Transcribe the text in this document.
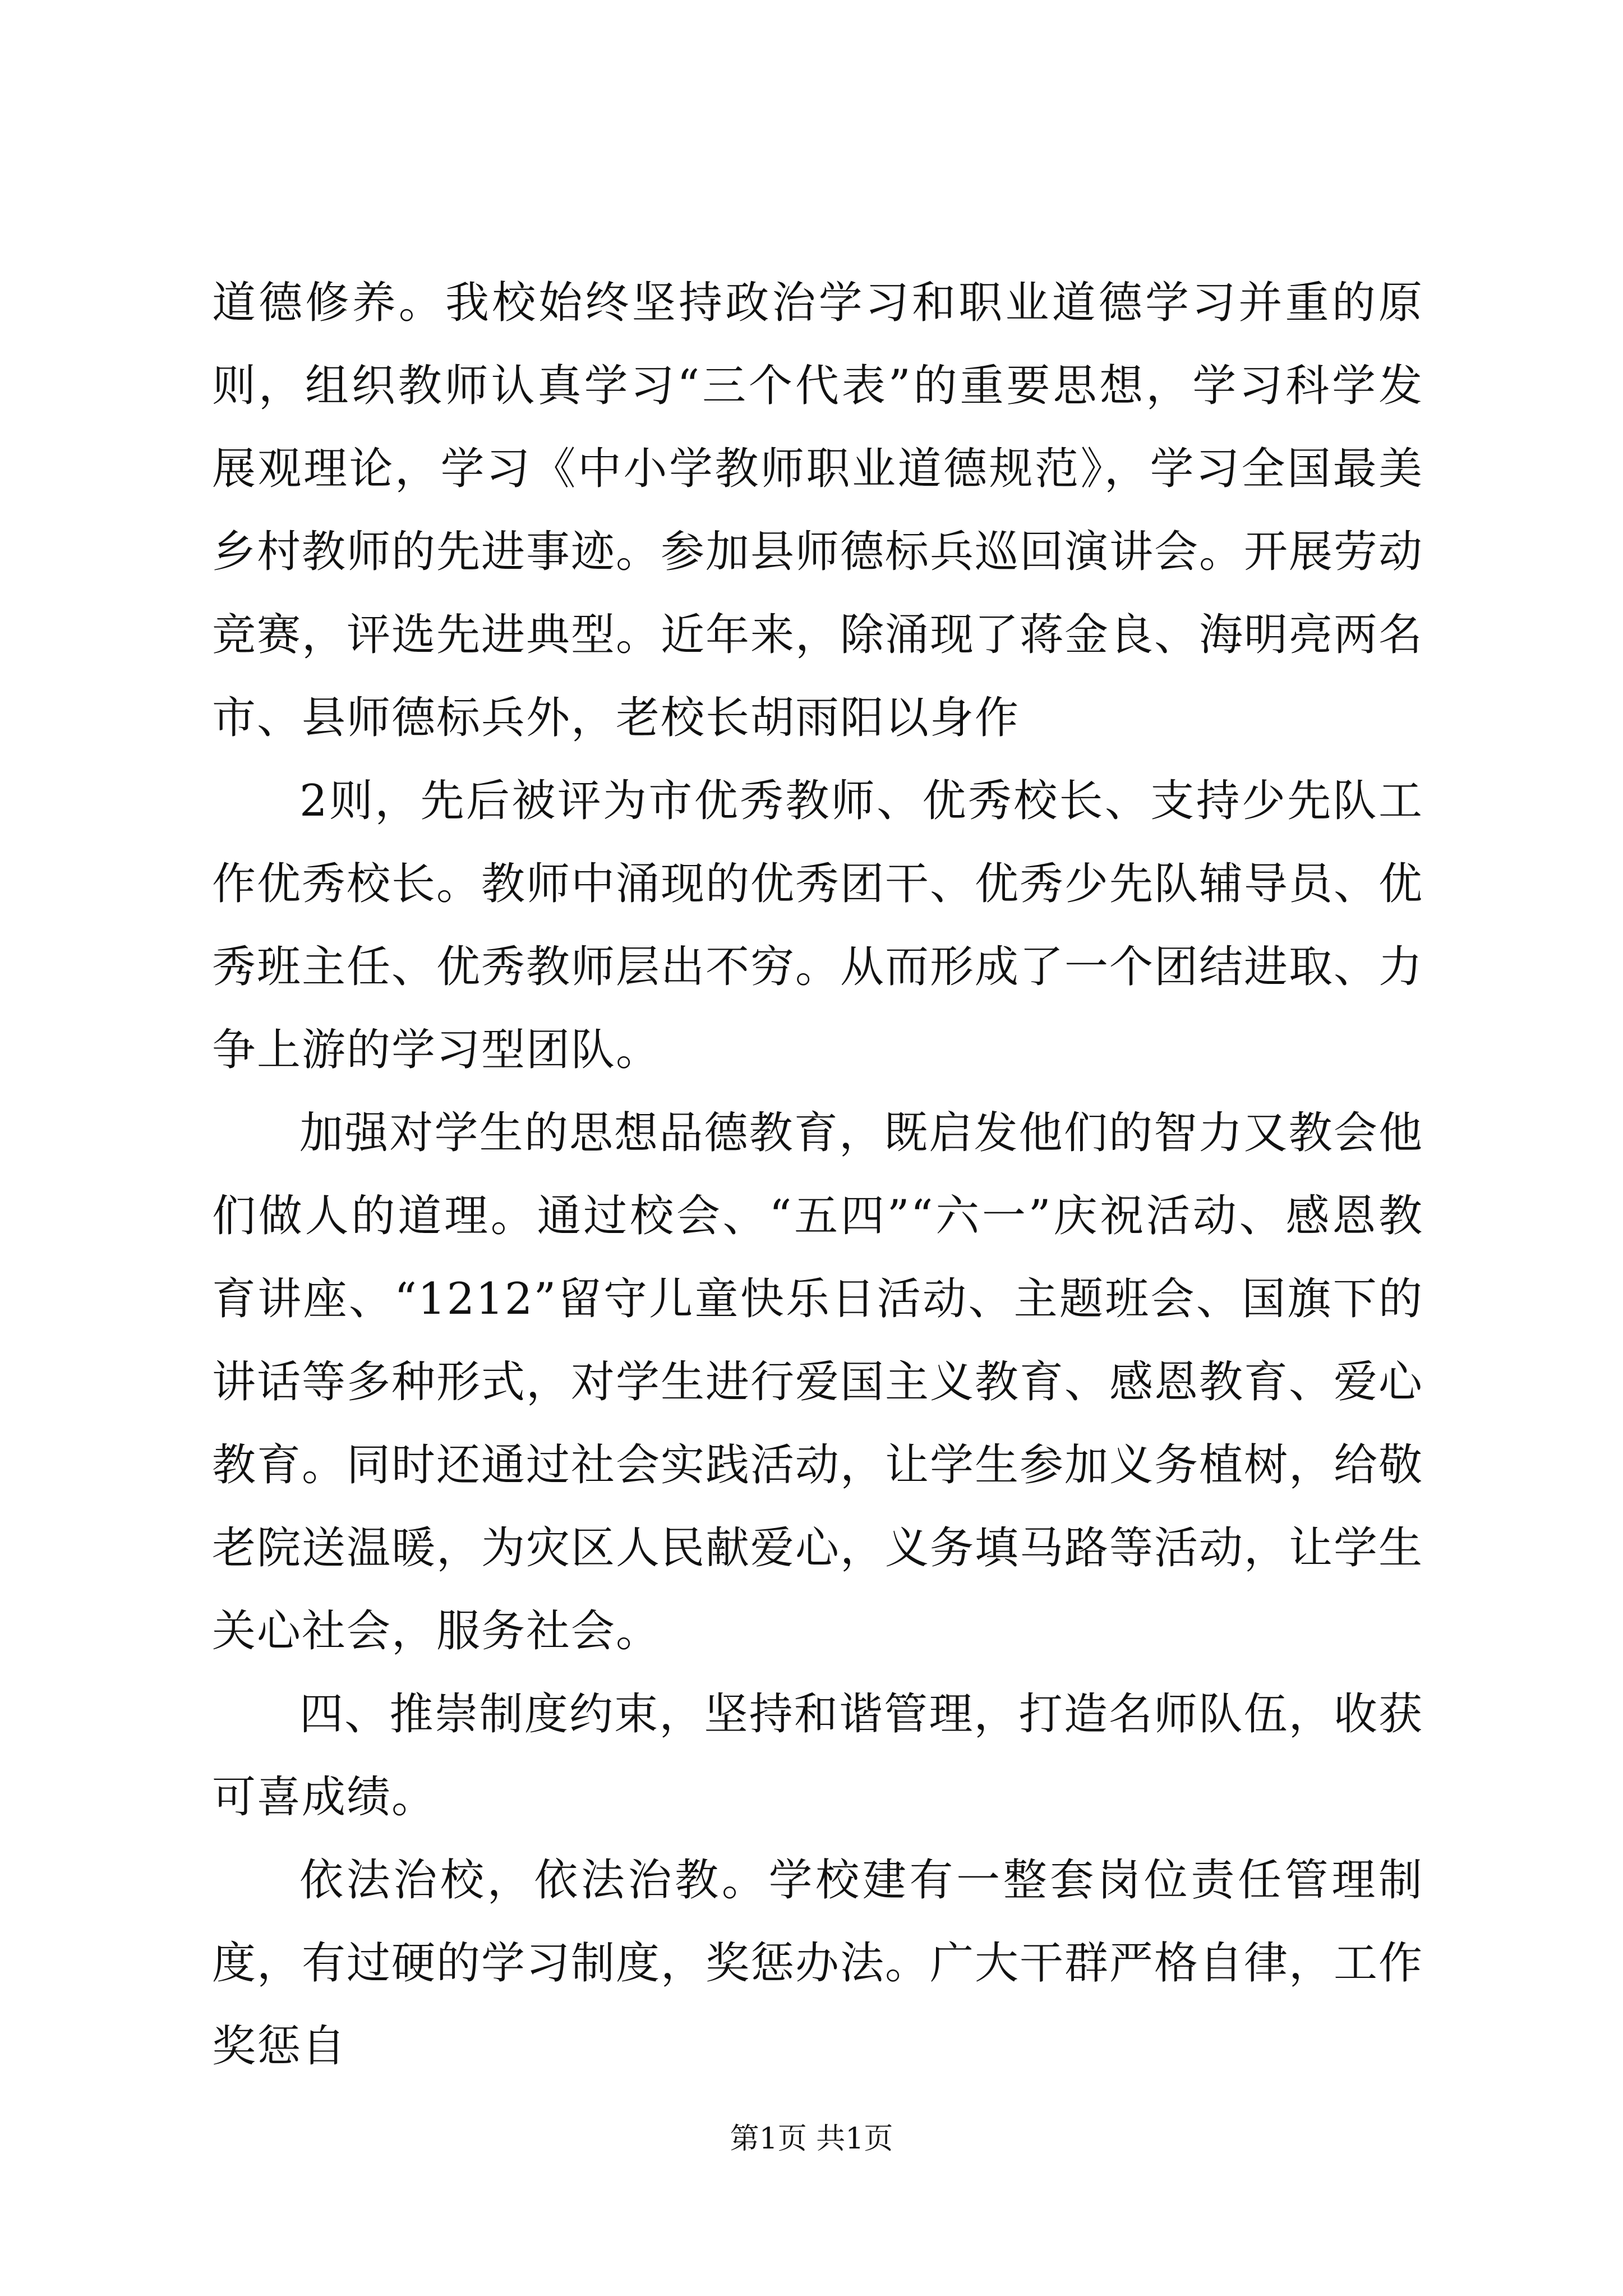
道德修养。我校始终坚持政治学习和职业道德学习并重的原则，组织教师认真学习“三个代表”的重要思想，学习科学发展观理论，学习《中小学教师职业道德规范》，学习全国最美乡村教师的先进事迹。参加县师德标兵巡回演讲会。开展劳动竞赛，评选先进典型。近年来，除涌现了蒋金良、海明亮两名市、县师德标兵外，老校长胡雨阳以身作

2则，先后被评为市优秀教师、优秀校长、支持少先队工作优秀校长。教师中涌现的优秀团干、优秀少先队辅导员、优秀班主任、优秀教师层出不穷。从而形成了一个团结进取、力争上游的学习型团队。

加强对学生的思想品德教育，既启发他们的智力又教会他们做人的道理。通过校会、“五四”“六一”庆祝活动、感恩教育讲座、“1212”留守儿童快乐日活动、主题班会、国旗下的讲话等多种形式，对学生进行爱国主义教育、感恩教育、爱心教育。同时还通过社会实践活动，让学生参加义务植树，给敬老院送温暖，为灾区人民献爱心，义务填马路等活动，让学生关心社会，服务社会。

四、推崇制度约束，坚持和谐管理，打造名师队伍，收获可喜成绩。

依法治校，依法治教。学校建有一整套岗位责任管理制度，有过硬的学习制度，奖惩办法。广大干群严格自律，工作奖惩自

第1页 共1页
